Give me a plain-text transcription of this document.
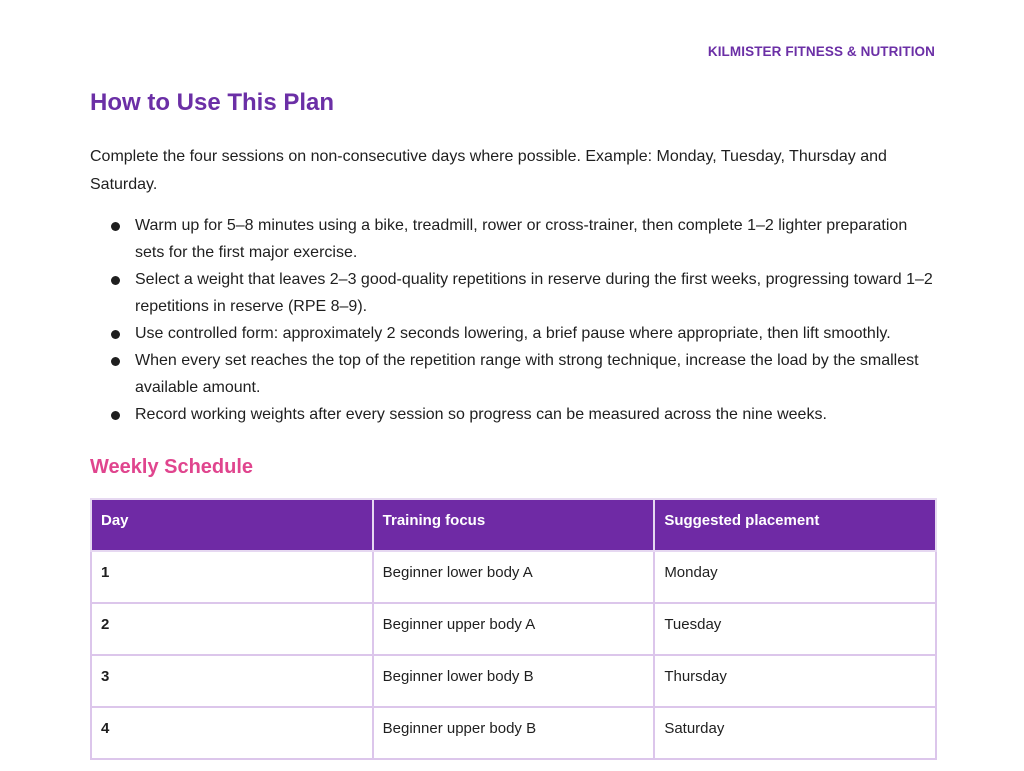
KILMISTER FITNESS & NUTRITION
How to Use This Plan

Complete the four sessions on non-consecutive days where possible. Example: Monday, Tuesday, Thursday and Saturday.

Warm up for 5–8 minutes using a bike, treadmill, rower or cross-trainer, then complete 1–2 lighter preparation sets for the first major exercise.
Select a weight that leaves 2–3 good-quality repetitions in reserve during the first weeks, progressing toward 1–2 repetitions in reserve (RPE 8–9).
Use controlled form: approximately 2 seconds lowering, a brief pause where appropriate, then lift smoothly.
When every set reaches the top of the repetition range with strong technique, increase the load by the smallest available amount.
Record working weights after every session so progress can be measured across the nine weeks.
Weekly Schedule
Day	Training focus	Suggested placement
1	Beginner lower body A	Monday
2	Beginner upper body A	Tuesday
3	Beginner lower body B	Thursday
4	Beginner upper body B	Saturday
